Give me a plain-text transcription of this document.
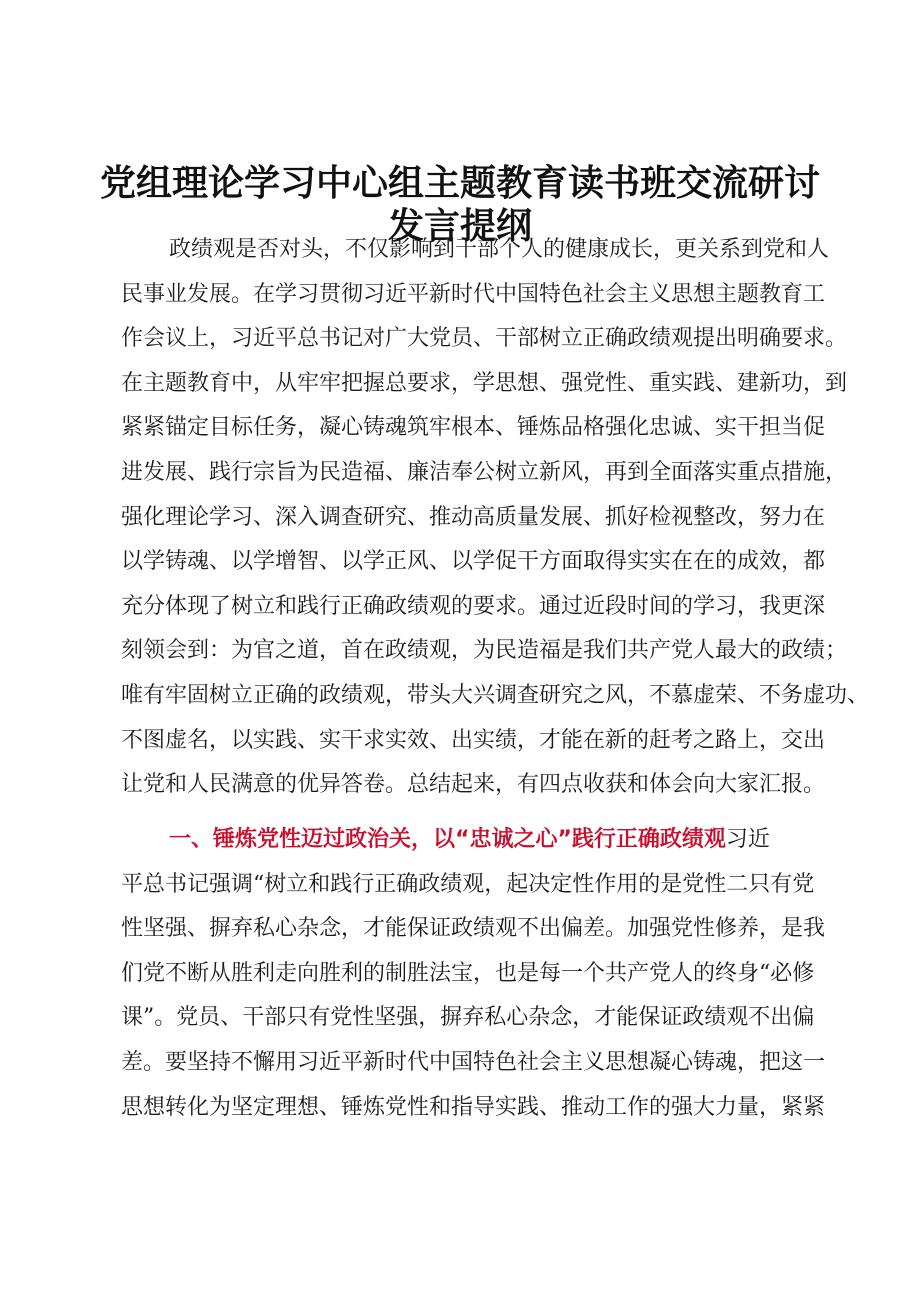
党组理论学习中心组主题教育读书班交流研讨
发言提纲
政绩观是否对头，不仅影响到干部个人的健康成长，更关系到党和人
民事业发展。在学习贯彻习近平新时代中国特色社会主义思想主题教育工
作会议上，习近平总书记对广大党员、干部树立正确政绩观提出明确要求。
在主题教育中，从牢牢把握总要求，学思想、强党性、重实践、建新功，到
紧紧锚定目标任务，凝心铸魂筑牢根本、锤炼品格强化忠诚、实干担当促
进发展、践行宗旨为民造福、廉洁奉公树立新风，再到全面落实重点措施，
强化理论学习、深入调查研究、推动高质量发展、抓好检视整改，努力在
以学铸魂、以学增智、以学正风、以学促干方面取得实实在在的成效，都
充分体现了树立和践行正确政绩观的要求。通过近段时间的学习，我更深
刻领会到：为官之道，首在政绩观，为民造福是我们共产党人最大的政绩；
唯有牢固树立正确的政绩观，带头大兴调查研究之风，不慕虚荣、不务虚功、
不图虚名，以实践、实干求实效、出实绩，才能在新的赶考之路上，交出
让党和人民满意的优异答卷。总结起来，有四点收获和体会向大家汇报。
一、锤炼党性迈过政治关，以“忠诚之心”践行正确政绩观习近
平总书记强调“树立和践行正确政绩观，起决定性作用的是党性二只有党
性坚强、摒弃私心杂念，才能保证政绩观不出偏差。加强党性修养，是我
们党不断从胜利走向胜利的制胜法宝，也是每一个共产党人的终身“必修
课”。党员、干部只有党性坚强，摒弃私心杂念，才能保证政绩观不出偏
差。要坚持不懈用习近平新时代中国特色社会主义思想凝心铸魂，把这一
思想转化为坚定理想、锤炼党性和指导实践、推动工作的强大力量，紧紧
